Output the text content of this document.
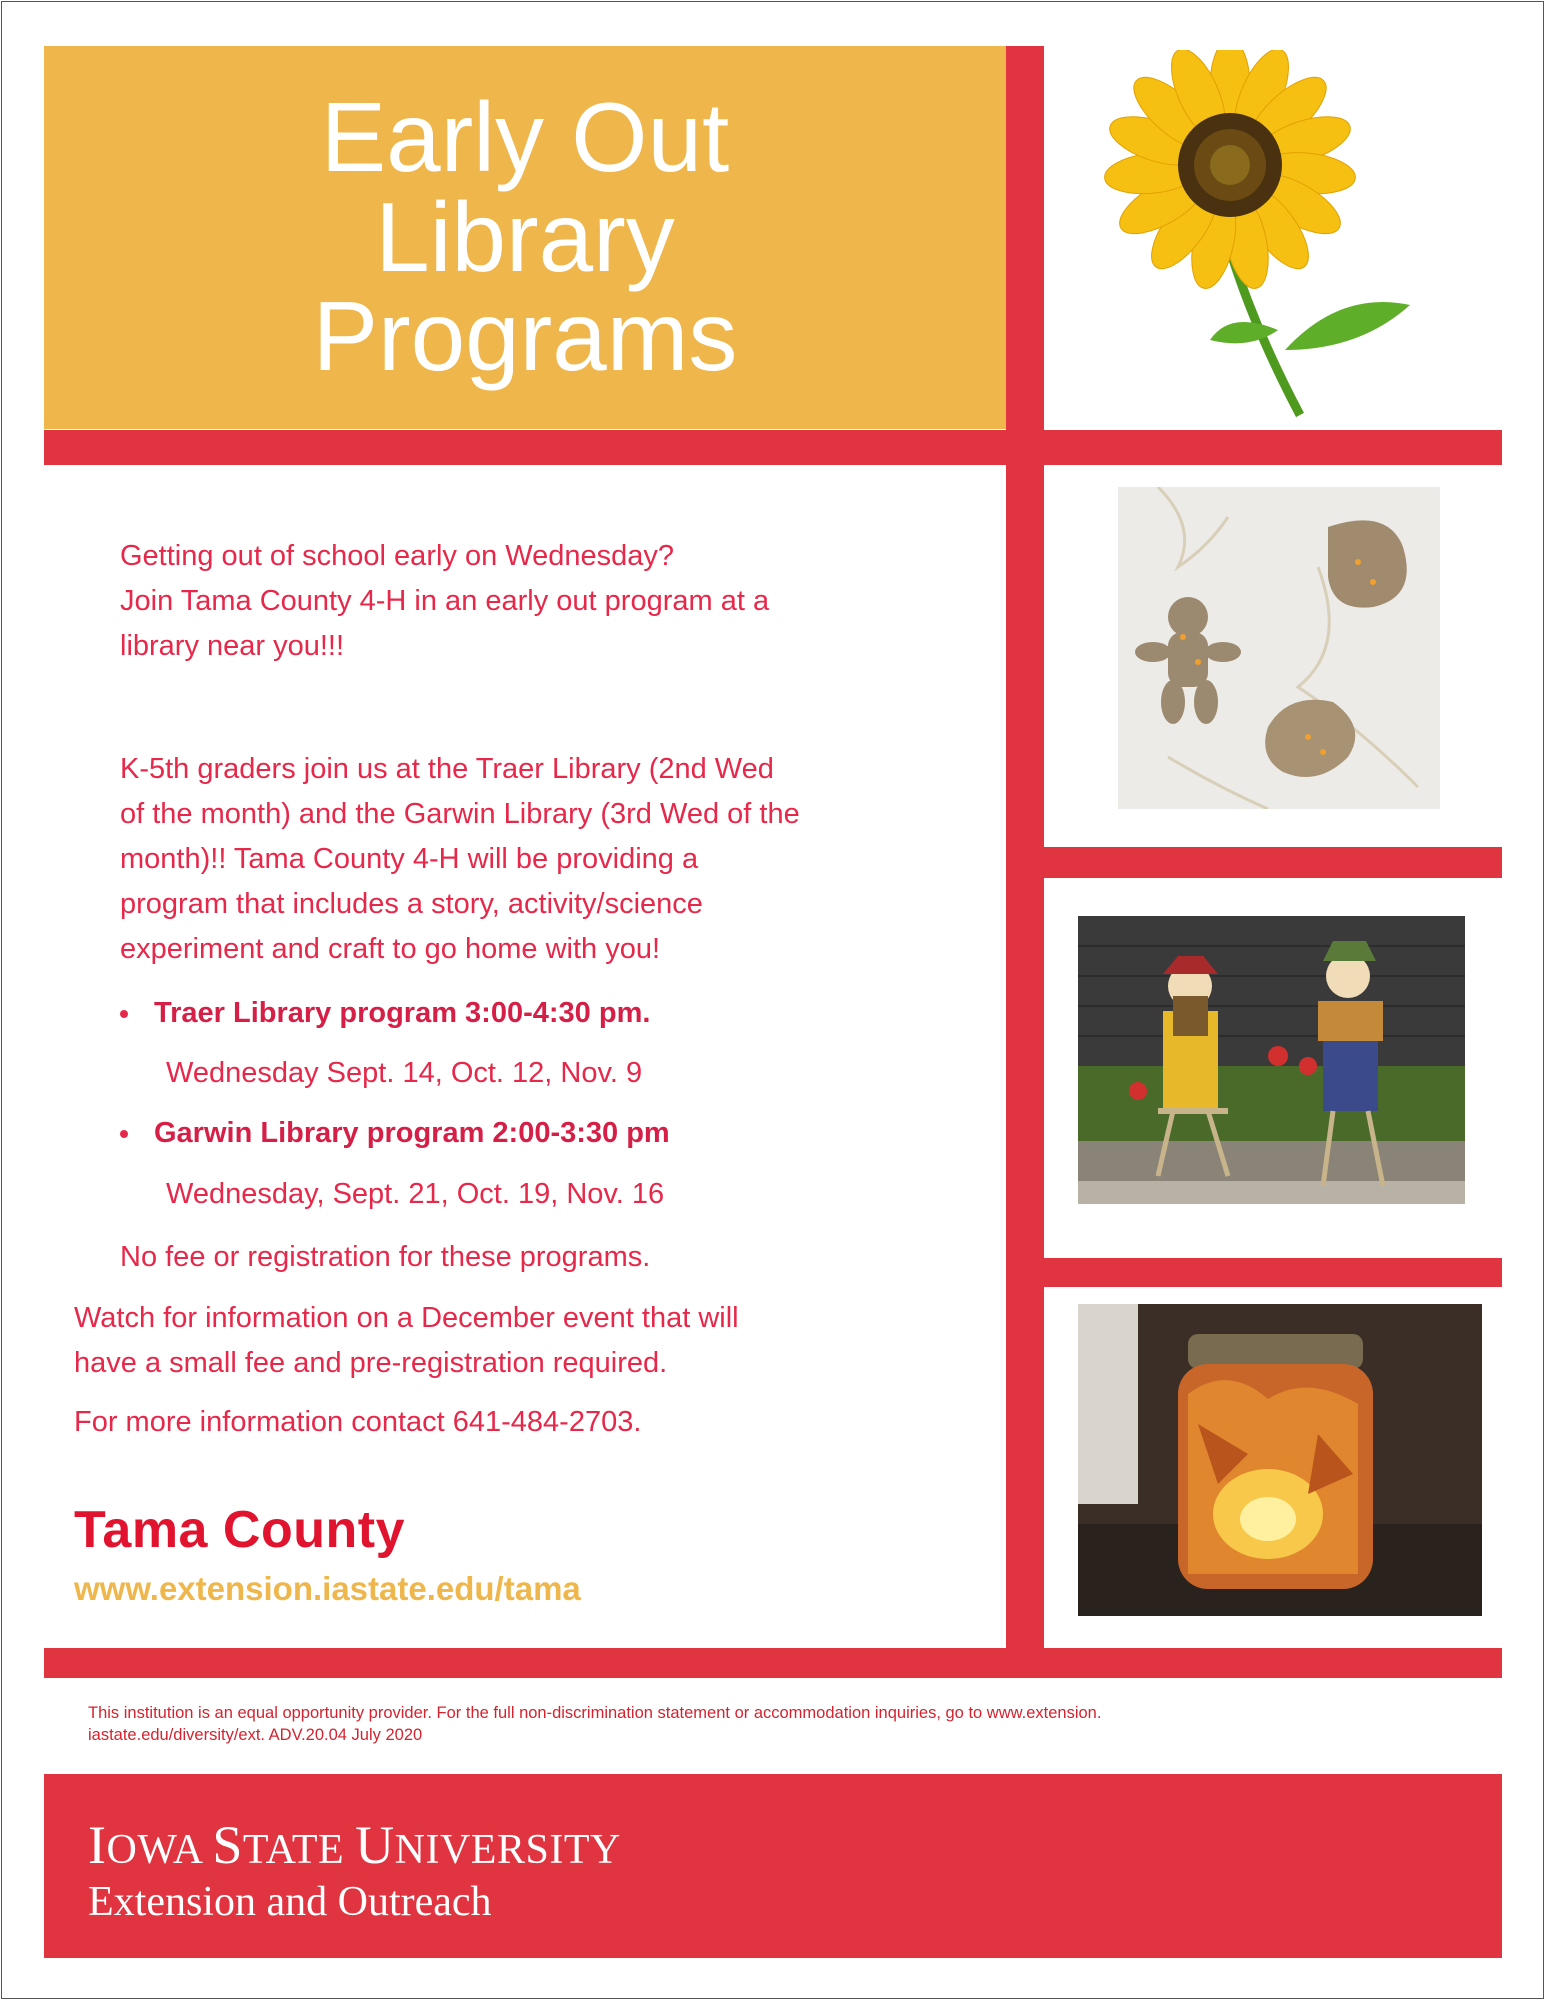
Early Out
Library
Programs
Getting out of school early on Wednesday?
Join Tama County 4-H in an early out program at a
library near you!!!
K-5th graders join us at the Traer Library (2nd Wed
of the month) and the Garwin Library (3rd Wed of the
month)!! Tama County 4-H will be providing a
program that includes a story, activity/science
experiment and craft to go home with you!
Traer Library program 3:00-4:30 pm.
Wednesday Sept. 14, Oct. 12, Nov. 9
Garwin Library program 2:00-3:30 pm
Wednesday, Sept. 21, Oct. 19, Nov. 16
No fee or registration for these programs.
Watch for information on a December event that will
have a small fee and pre-registration required.
For more information contact 641-484-2703.
Tama County
www.extension.iastate.edu/tama
This institution is an equal opportunity provider. For the full non-discrimination statement or accommodation inquiries, go to www.extension.
iastate.edu/diversity/ext. ADV.20.04 July 2020
IOWA STATE UNIVERSITY
Extension and Outreach
